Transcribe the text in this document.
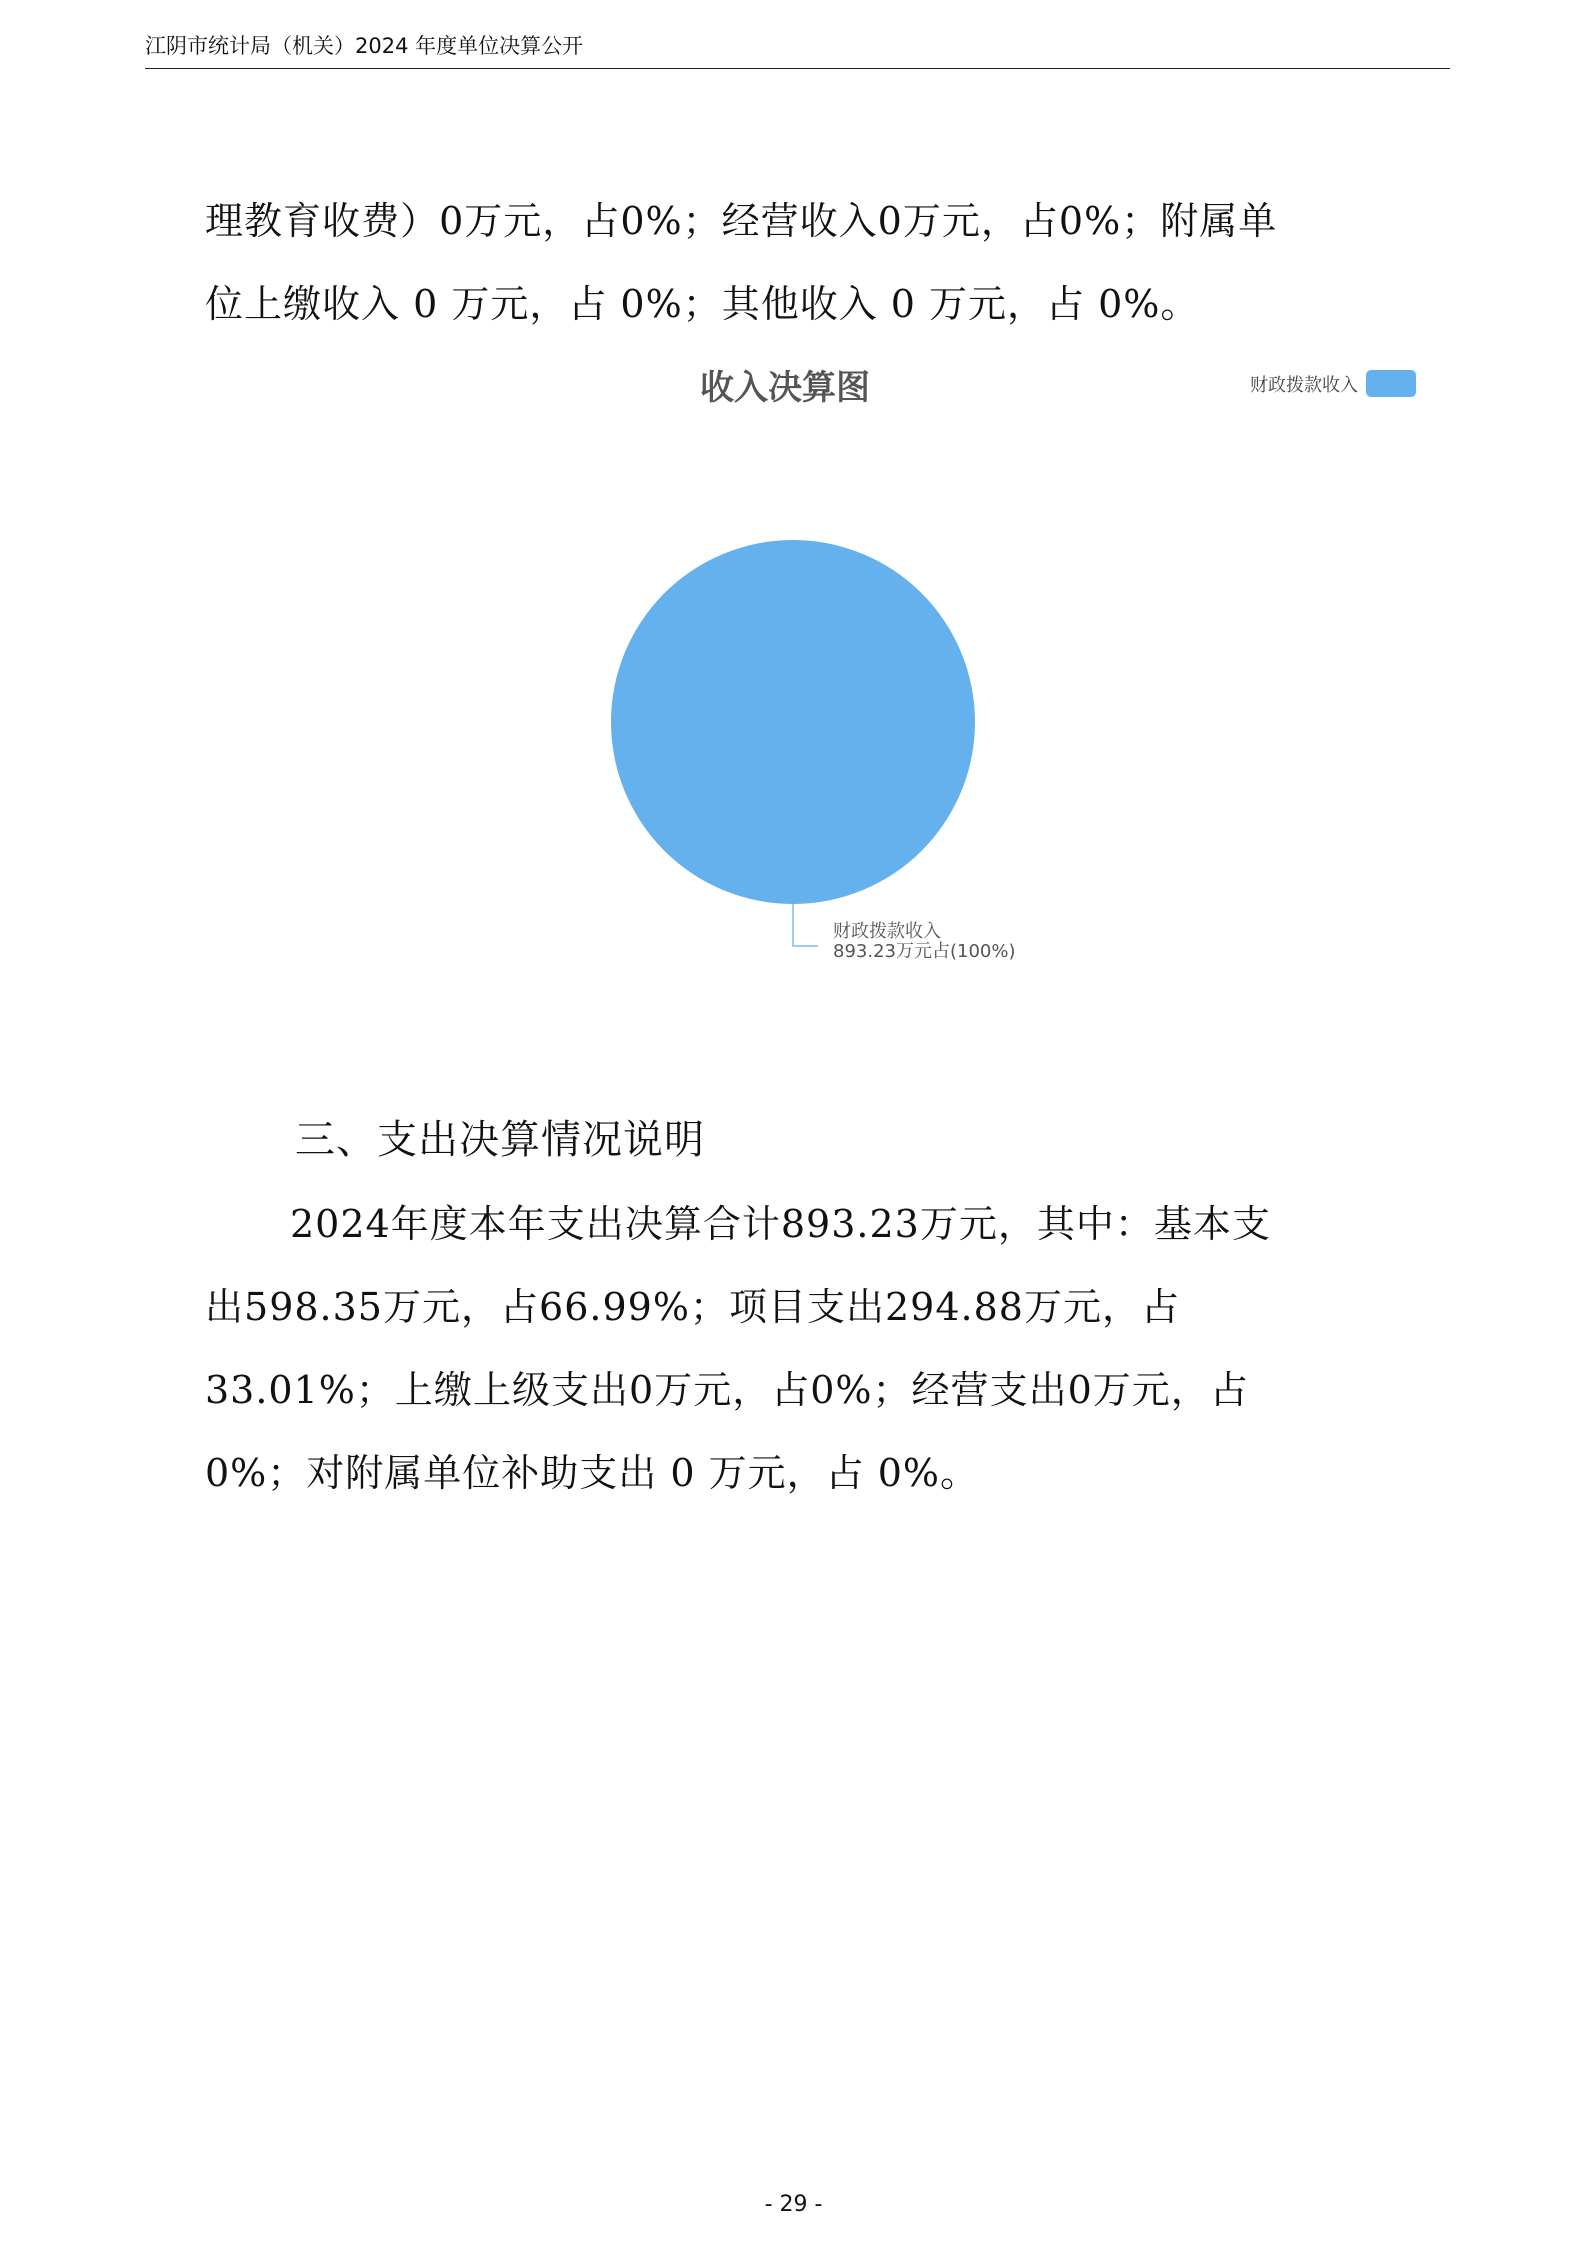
江阴市统计局（机关）2024 年度单位决算公开
理教育收费）0万元，占0%；经营收入0万元，占0%；附属单
位上缴收入 0 万元，占 0%；其他收入 0 万元，占 0%。
财政拨款收入
893.23万元占(100%)
收入决算图	财政拨款收入
三、支出决算情况说明
2024年度本年支出决算合计893.23万元，其中：基本支
出598.35万元，占66.99%；项目支出294.88万元，占
33.01%；上缴上级支出0万元，占0%；经营支出0万元，占
0%；对附属单位补助支出 0 万元，占 0%。
- 29 -
